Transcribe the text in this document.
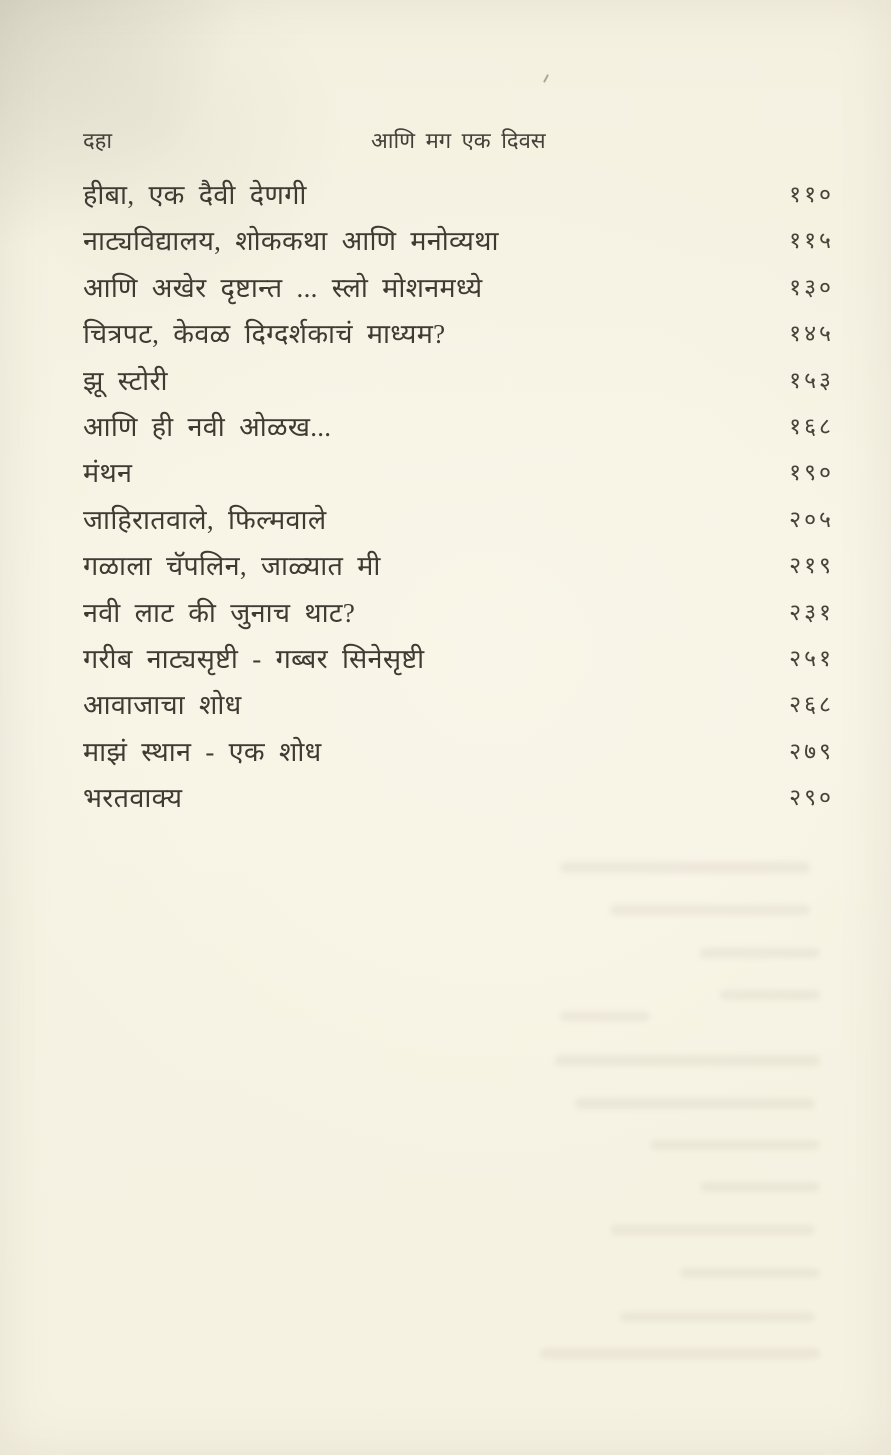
दहा	आणि मग एक दिवस
हीबा, एक दैवी देणगी	११०
नाट्यविद्यालय, शोककथा आणि मनोव्यथा	११५
आणि अखेर दृष्टान्त ... स्लो मोशनमध्ये	१३०
चित्रपट, केवळ दिग्दर्शकाचं माध्यम?	१४५
झू स्टोरी	१५३
आणि ही नवी ओळख...	१६८
मंथन	१९०
जाहिरातवाले, फिल्मवाले	२०५
गळाला चॅपलिन, जाळ्यात मी	२१९
नवी लाट की जुनाच थाट?	२३१
गरीब नाट्यसृष्टी - गब्बर सिनेसृष्टी	२५१
आवाजाचा शोध	२६८
माझं स्थान - एक शोध	२७९
भरतवाक्य	२९०
